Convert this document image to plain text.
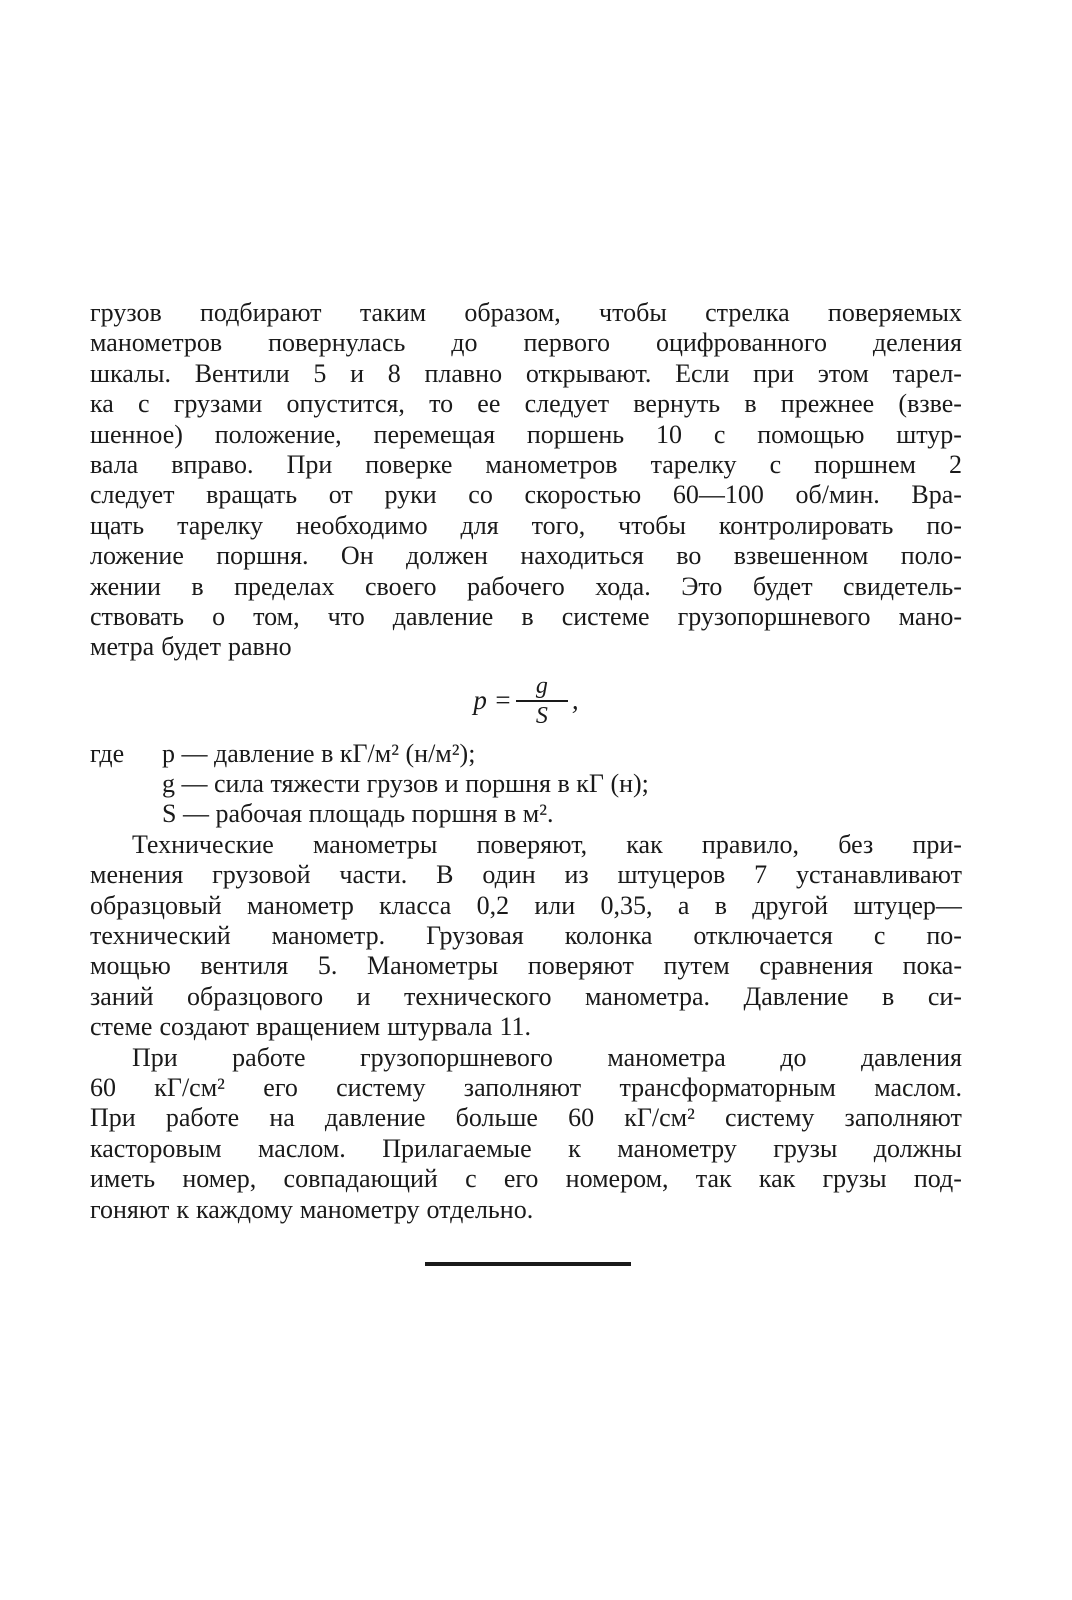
грузов подбирают таким образом, чтобы стрелка поверяемых
манометров повернулась до первого оцифрованного деления
шкалы. Вентили 5 и 8 плавно открывают. Если при этом тарел-
ка с грузами опустится, то ее следует вернуть в прежнее (взве-
шенное) положение, перемещая поршень 10 с помощью штур-
вала вправо. При поверке манометров тарелку с поршнем 2
следует вращать от руки со скоростью 60—100 об/мин. Вра-
щать тарелку необходимо для того, чтобы контролировать по-
ложение поршня. Он должен находиться во взвешенном поло-
жении в пределах своего рабочего хода. Это будет свидетель-
ствовать о том, что давление в системе грузопоршневого мано-
метра будет равно
$p = \frac{g}{S}$ ,
где	p — давление в кГ/м² (н/м²);
g — сила тяжести грузов и поршня в кГ (н);
S — рабочая площадь поршня в м².
Технические манометры поверяют, как правило, без при-
менения грузовой части. В один из штуцеров 7 устанавливают
образцовый манометр класса 0,2 или 0,35, а в другой штуцер—
технический манометр. Грузовая колонка отключается с по-
мощью вентиля 5. Манометры поверяют путем сравнения пока-
заний образцового и технического манометра. Давление в си-
стеме создают вращением штурвала 11.
При работе грузопоршневого манометра до давления
60 кГ/см² его систему заполняют трансформаторным маслом.
При работе на давление больше 60 кГ/см² систему заполняют
касторовым маслом. Прилагаемые к манометру грузы должны
иметь номер, совпадающий с его номером, так как грузы под-
гоняют к каждому манометру отдельно.
